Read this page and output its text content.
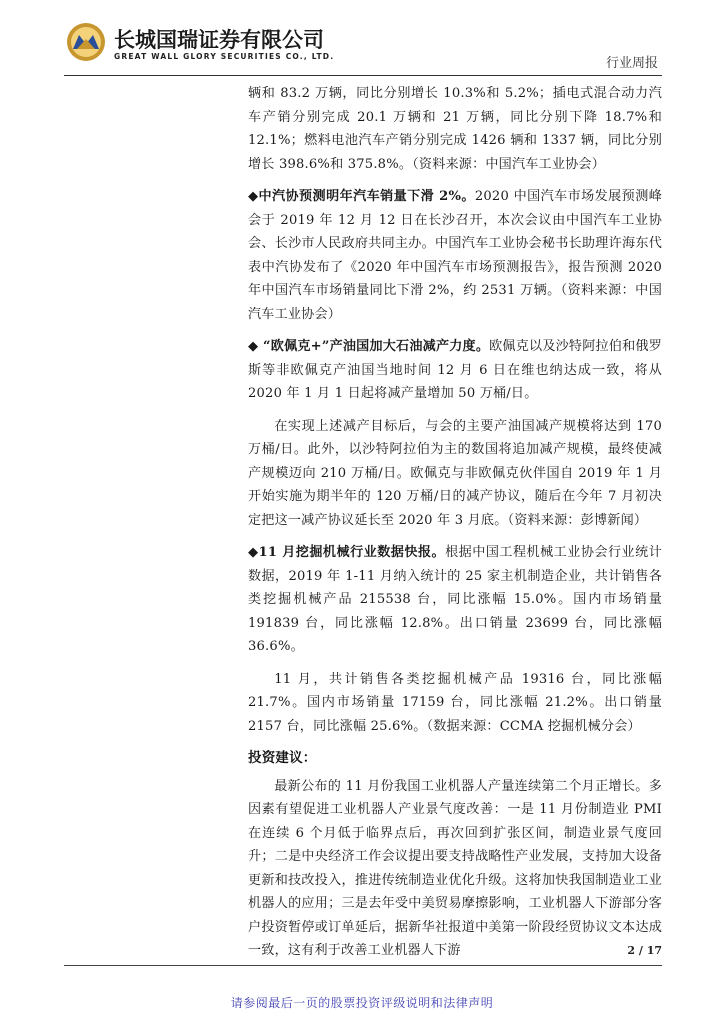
长城国瑞证券有限公司
GREAT WALL GLORY SECURITIES CO., LTD.	行业周报

辆和 83.2 万辆，同比分别增长 10.3%和 5.2%；插电式混合动力汽车产销分别完成 20.1 万辆和 21 万辆，同比分别下降 18.7%和 12.1%；燃料电池汽车产销分别完成 1426 辆和 1337 辆，同比分别增长 398.6%和 375.8%。（资料来源：中国汽车工业协会）

◆中汽协预测明年汽车销量下滑 2%。2020 中国汽车市场发展预测峰会于 2019 年 12 月 12 日在长沙召开，本次会议由中国汽车工业协会、长沙市人民政府共同主办。中国汽车工业协会秘书长助理许海东代表中汽协发布了《2020 年中国汽车市场预测报告》，报告预测 2020 年中国汽车市场销量同比下滑 2%，约 2531 万辆。（资料来源：中国汽车工业协会）

◆ “欧佩克+”产油国加大石油减产力度。欧佩克以及沙特阿拉伯和俄罗斯等非欧佩克产油国当地时间 12 月 6 日在维也纳达成一致，将从 2020 年 1 月 1 日起将减产量增加 50 万桶/日。

在实现上述减产目标后，与会的主要产油国减产规模将达到 170 万桶/日。此外，以沙特阿拉伯为主的数国将追加减产规模，最终使减产规模迈向 210 万桶/日。欧佩克与非欧佩克伙伴国自 2019 年 1 月开始实施为期半年的 120 万桶/日的减产协议，随后在今年 7 月初决定把这一减产协议延长至 2020 年 3 月底。（资料来源：彭博新闻）

◆11 月挖掘机械行业数据快报。根据中国工程机械工业协会行业统计数据，2019 年 1-11 月纳入统计的 25 家主机制造企业，共计销售各类挖掘机械产品 215538 台，同比涨幅 15.0%。国内市场销量 191839 台，同比涨幅 12.8%。出口销量 23699 台，同比涨幅 36.6%。

11 月，共计销售各类挖掘机械产品 19316 台，同比涨幅 21.7%。国内市场销量 17159 台，同比涨幅 21.2%。出口销量 2157 台，同比涨幅 25.6%。（数据来源：CCMA 挖掘机械分会）

投资建议：

最新公布的 11 月份我国工业机器人产量连续第二个月正增长。多因素有望促进工业机器人产业景气度改善：一是 11 月份制造业 PMI 在连续 6 个月低于临界点后，再次回到扩张区间，制造业景气度回升；二是中央经济工作会议提出要支持战略性产业发展，支持加大设备更新和技改投入，推进传统制造业优化升级。这将加快我国制造业工业机器人的应用；三是去年受中美贸易摩擦影响，工业机器人下游部分客户投资暂停或订单延后，据新华社报道中美第一阶段经贸协议文本达成一致，这有利于改善工业机器人下游	2 / 17
请参阅最后一页的股票投资评级说明和法律声明
